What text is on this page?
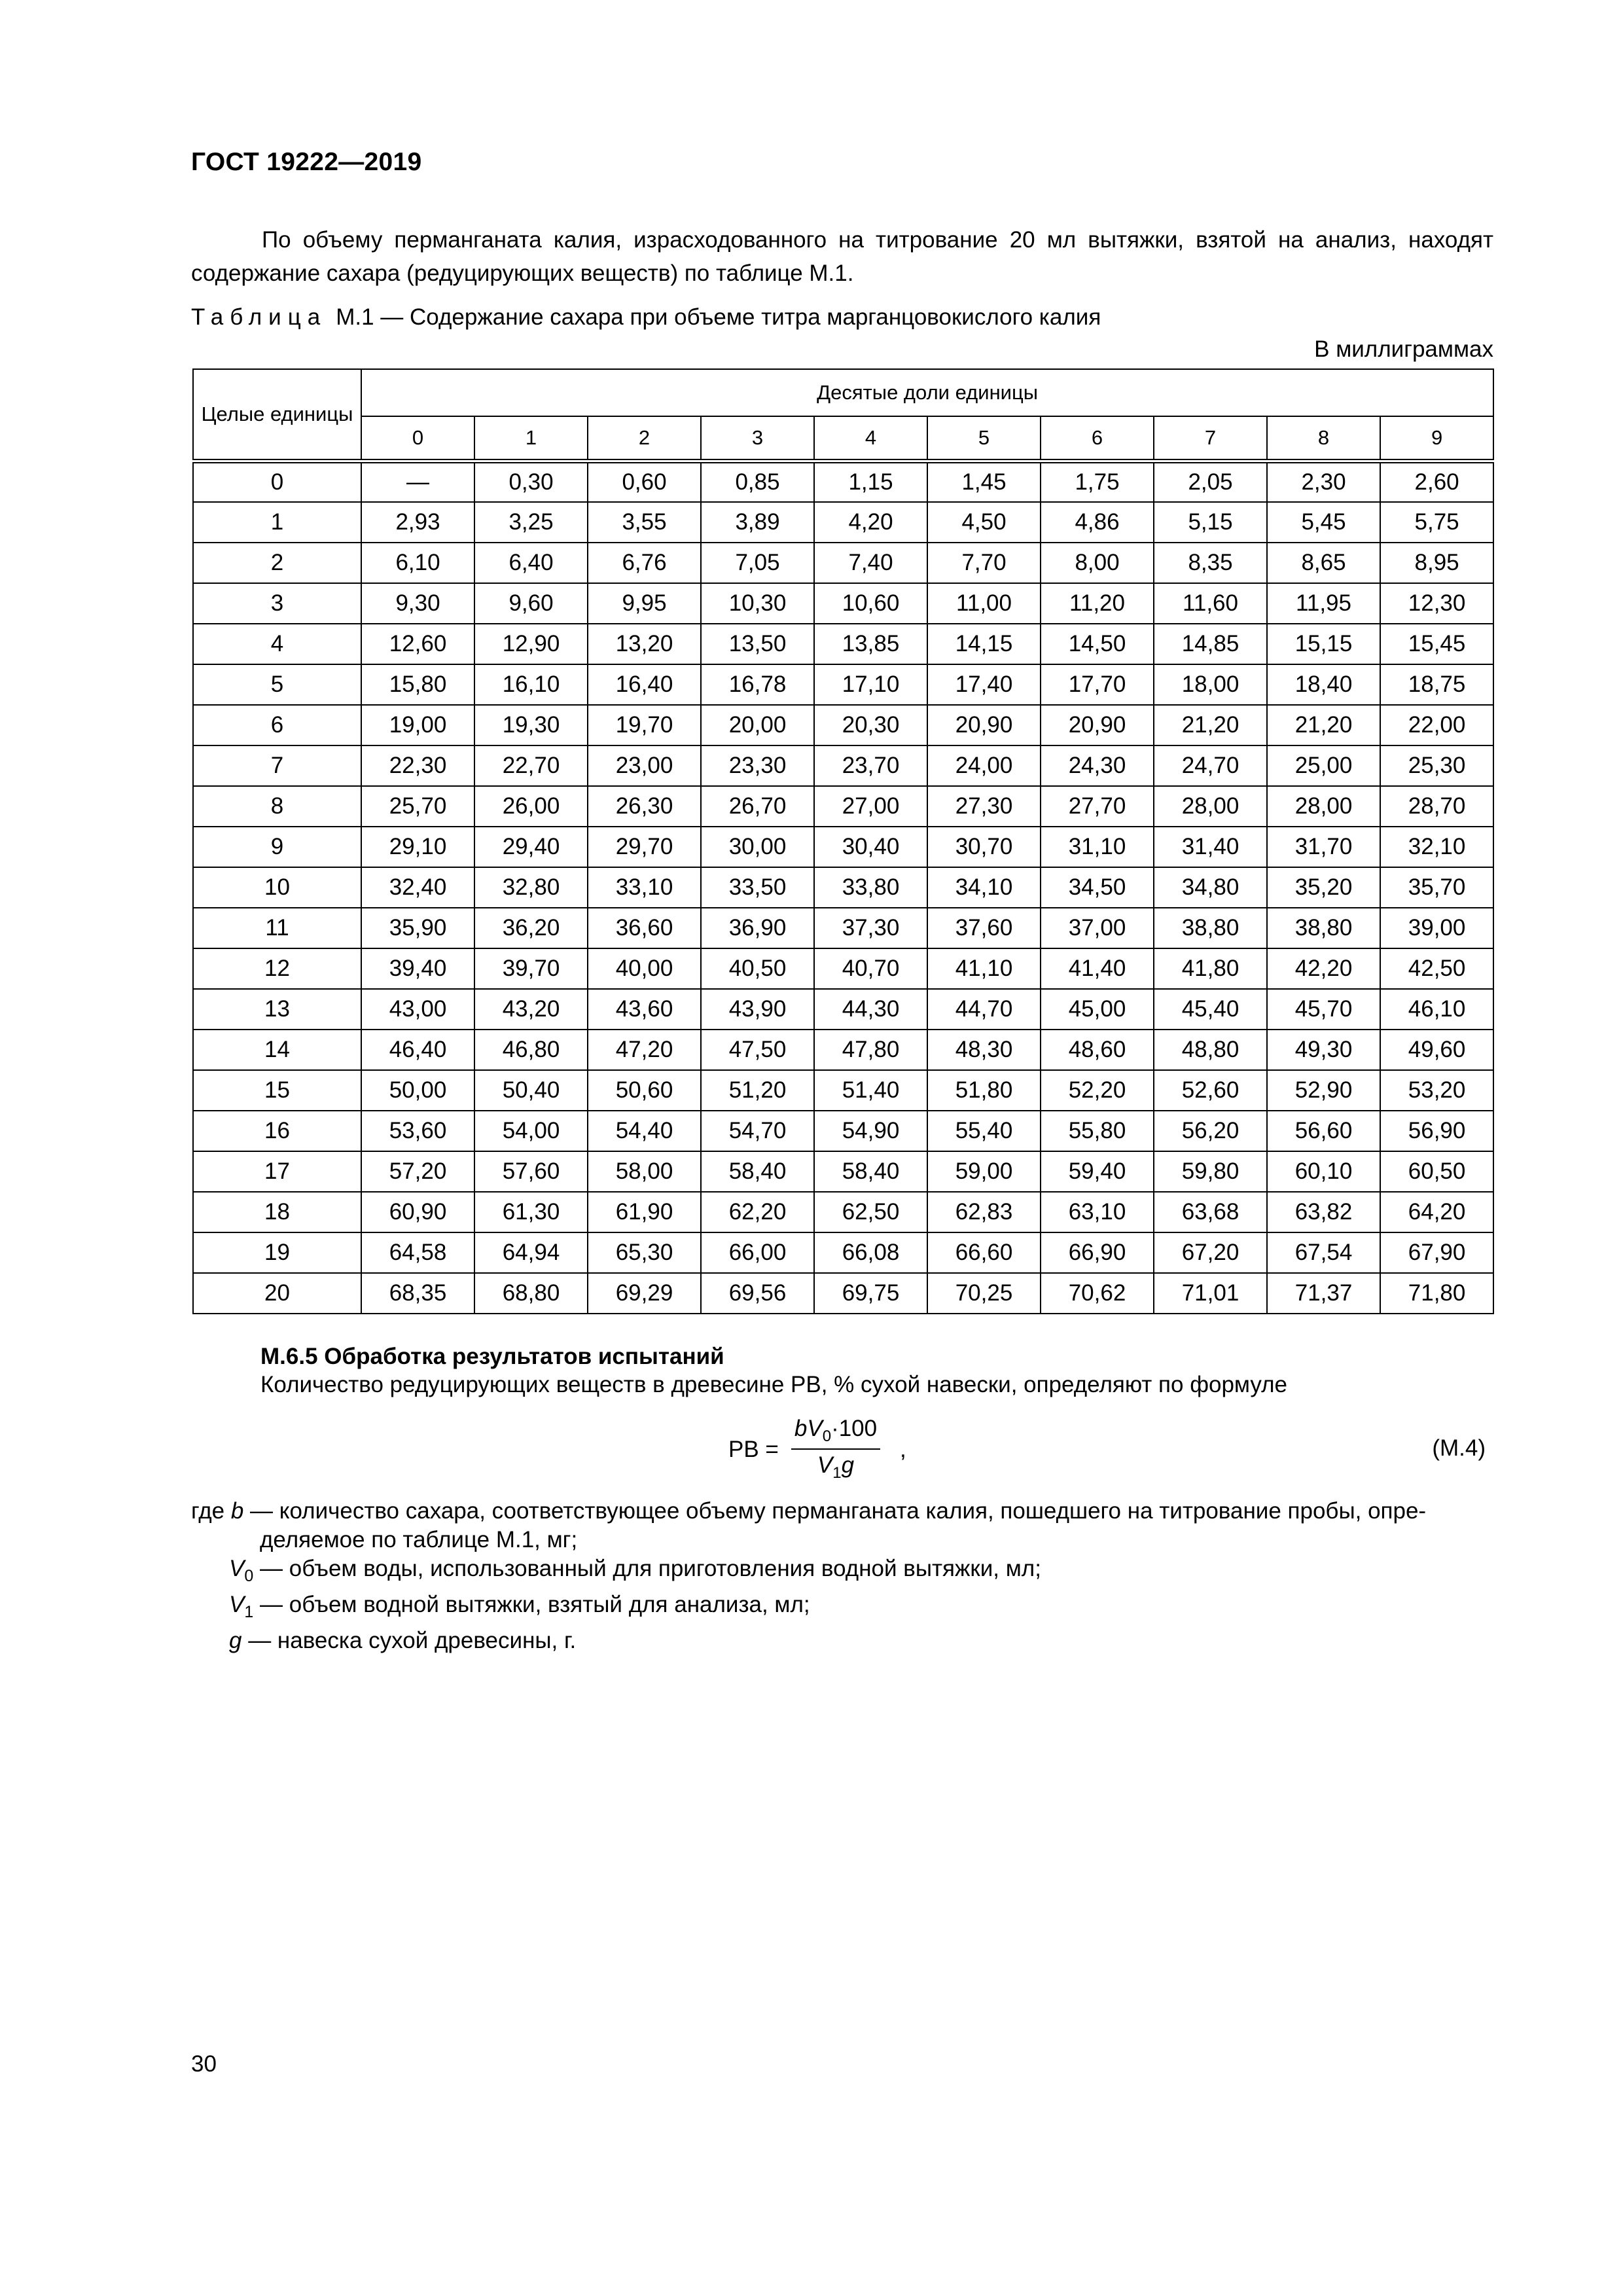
ГОСТ 19222—2019
По объему перманганата калия, израсходованного на титрование 20 мл вытяжки, взятой на анализ, находят содержание сахара (редуцирующих веществ) по таблице М.1.
Таблица М.1 — Содержание сахара при объеме титра марганцовокислого калия
В миллиграммах
Целые единицы	Десятые доли единицы									
	0	1	2	3	4	5	6	7	8	9
0	—	0,30	0,60	0,85	1,15	1,45	1,75	2,05	2,30	2,60
1	2,93	3,25	3,55	3,89	4,20	4,50	4,86	5,15	5,45	5,75
2	6,10	6,40	6,76	7,05	7,40	7,70	8,00	8,35	8,65	8,95
3	9,30	9,60	9,95	10,30	10,60	11,00	11,20	11,60	11,95	12,30
4	12,60	12,90	13,20	13,50	13,85	14,15	14,50	14,85	15,15	15,45
5	15,80	16,10	16,40	16,78	17,10	17,40	17,70	18,00	18,40	18,75
6	19,00	19,30	19,70	20,00	20,30	20,90	20,90	21,20	21,20	22,00
7	22,30	22,70	23,00	23,30	23,70	24,00	24,30	24,70	25,00	25,30
8	25,70	26,00	26,30	26,70	27,00	27,30	27,70	28,00	28,00	28,70
9	29,10	29,40	29,70	30,00	30,40	30,70	31,10	31,40	31,70	32,10
10	32,40	32,80	33,10	33,50	33,80	34,10	34,50	34,80	35,20	35,70
11	35,90	36,20	36,60	36,90	37,30	37,60	37,00	38,80	38,80	39,00
12	39,40	39,70	40,00	40,50	40,70	41,10	41,40	41,80	42,20	42,50
13	43,00	43,20	43,60	43,90	44,30	44,70	45,00	45,40	45,70	46,10
14	46,40	46,80	47,20	47,50	47,80	48,30	48,60	48,80	49,30	49,60
15	50,00	50,40	50,60	51,20	51,40	51,80	52,20	52,60	52,90	53,20
16	53,60	54,00	54,40	54,70	54,90	55,40	55,80	56,20	56,60	56,90
17	57,20	57,60	58,00	58,40	58,40	59,00	59,40	59,80	60,10	60,50
18	60,90	61,30	61,90	62,20	62,50	62,83	63,10	63,68	63,82	64,20
19	64,58	64,94	65,30	66,00	66,08	66,60	66,90	67,20	67,54	67,90
20	68,35	68,80	69,29	69,56	69,75	70,25	70,62	71,01	71,37	71,80
М.6.5 Обработка результатов испытаний
Количество редуцирующих веществ в древесине РВ, % сухой навески, определяют по формуле
РВ =
$bV_0\cdot 100$
$V_1g$
,	(М.4)

где b — количество сахара, соответствующее объему перманганата калия, пошедшего на титрование пробы, опре-

деляемое по таблице М.1, мг;

$V_0$ — объем воды, использованный для приготовления водной вытяжки, мл;

$V_1$ — объем водной вытяжки, взятый для анализа, мл;

g — навеска сухой древесины, г.

30
